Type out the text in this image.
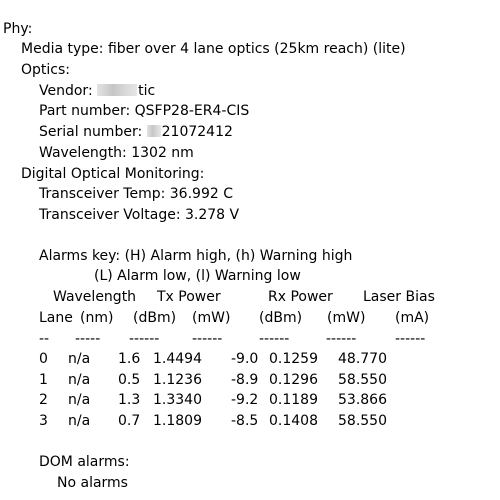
Phy:
Media type: fiber over 4 lane optics (25km reach) (lite)
Optics:
Vendor:	tic
Part number: QSFP28-ER4-CIS
Serial number: 21072412
Wavelength: 1302 nm
Digital Optical Monitoring:
Transceiver Temp: 36.992 C
Transceiver Voltage: 3.278 V
Alarms key: (H) Alarm high, (h) Warning high
(L) Alarm low, (l) Warning low
Wavelength Tx Power	Rx Power Laser Bias
Lane (nm) (dBm) (mW) (dBm) (mW) (mA)
-- ----- ------ ------	------	------	------
0 n/a 1.6 1.4494 -9.0 0.1259 48.770
1 n/a 0.5 1.1236 -8.9 0.1296 58.550
2 n/a 1.3 1.3340 -9.2 0.1189 53.866
3 n/a 0.7 1.1809 -8.5 0.1408 58.550
DOM alarms:
No alarms
